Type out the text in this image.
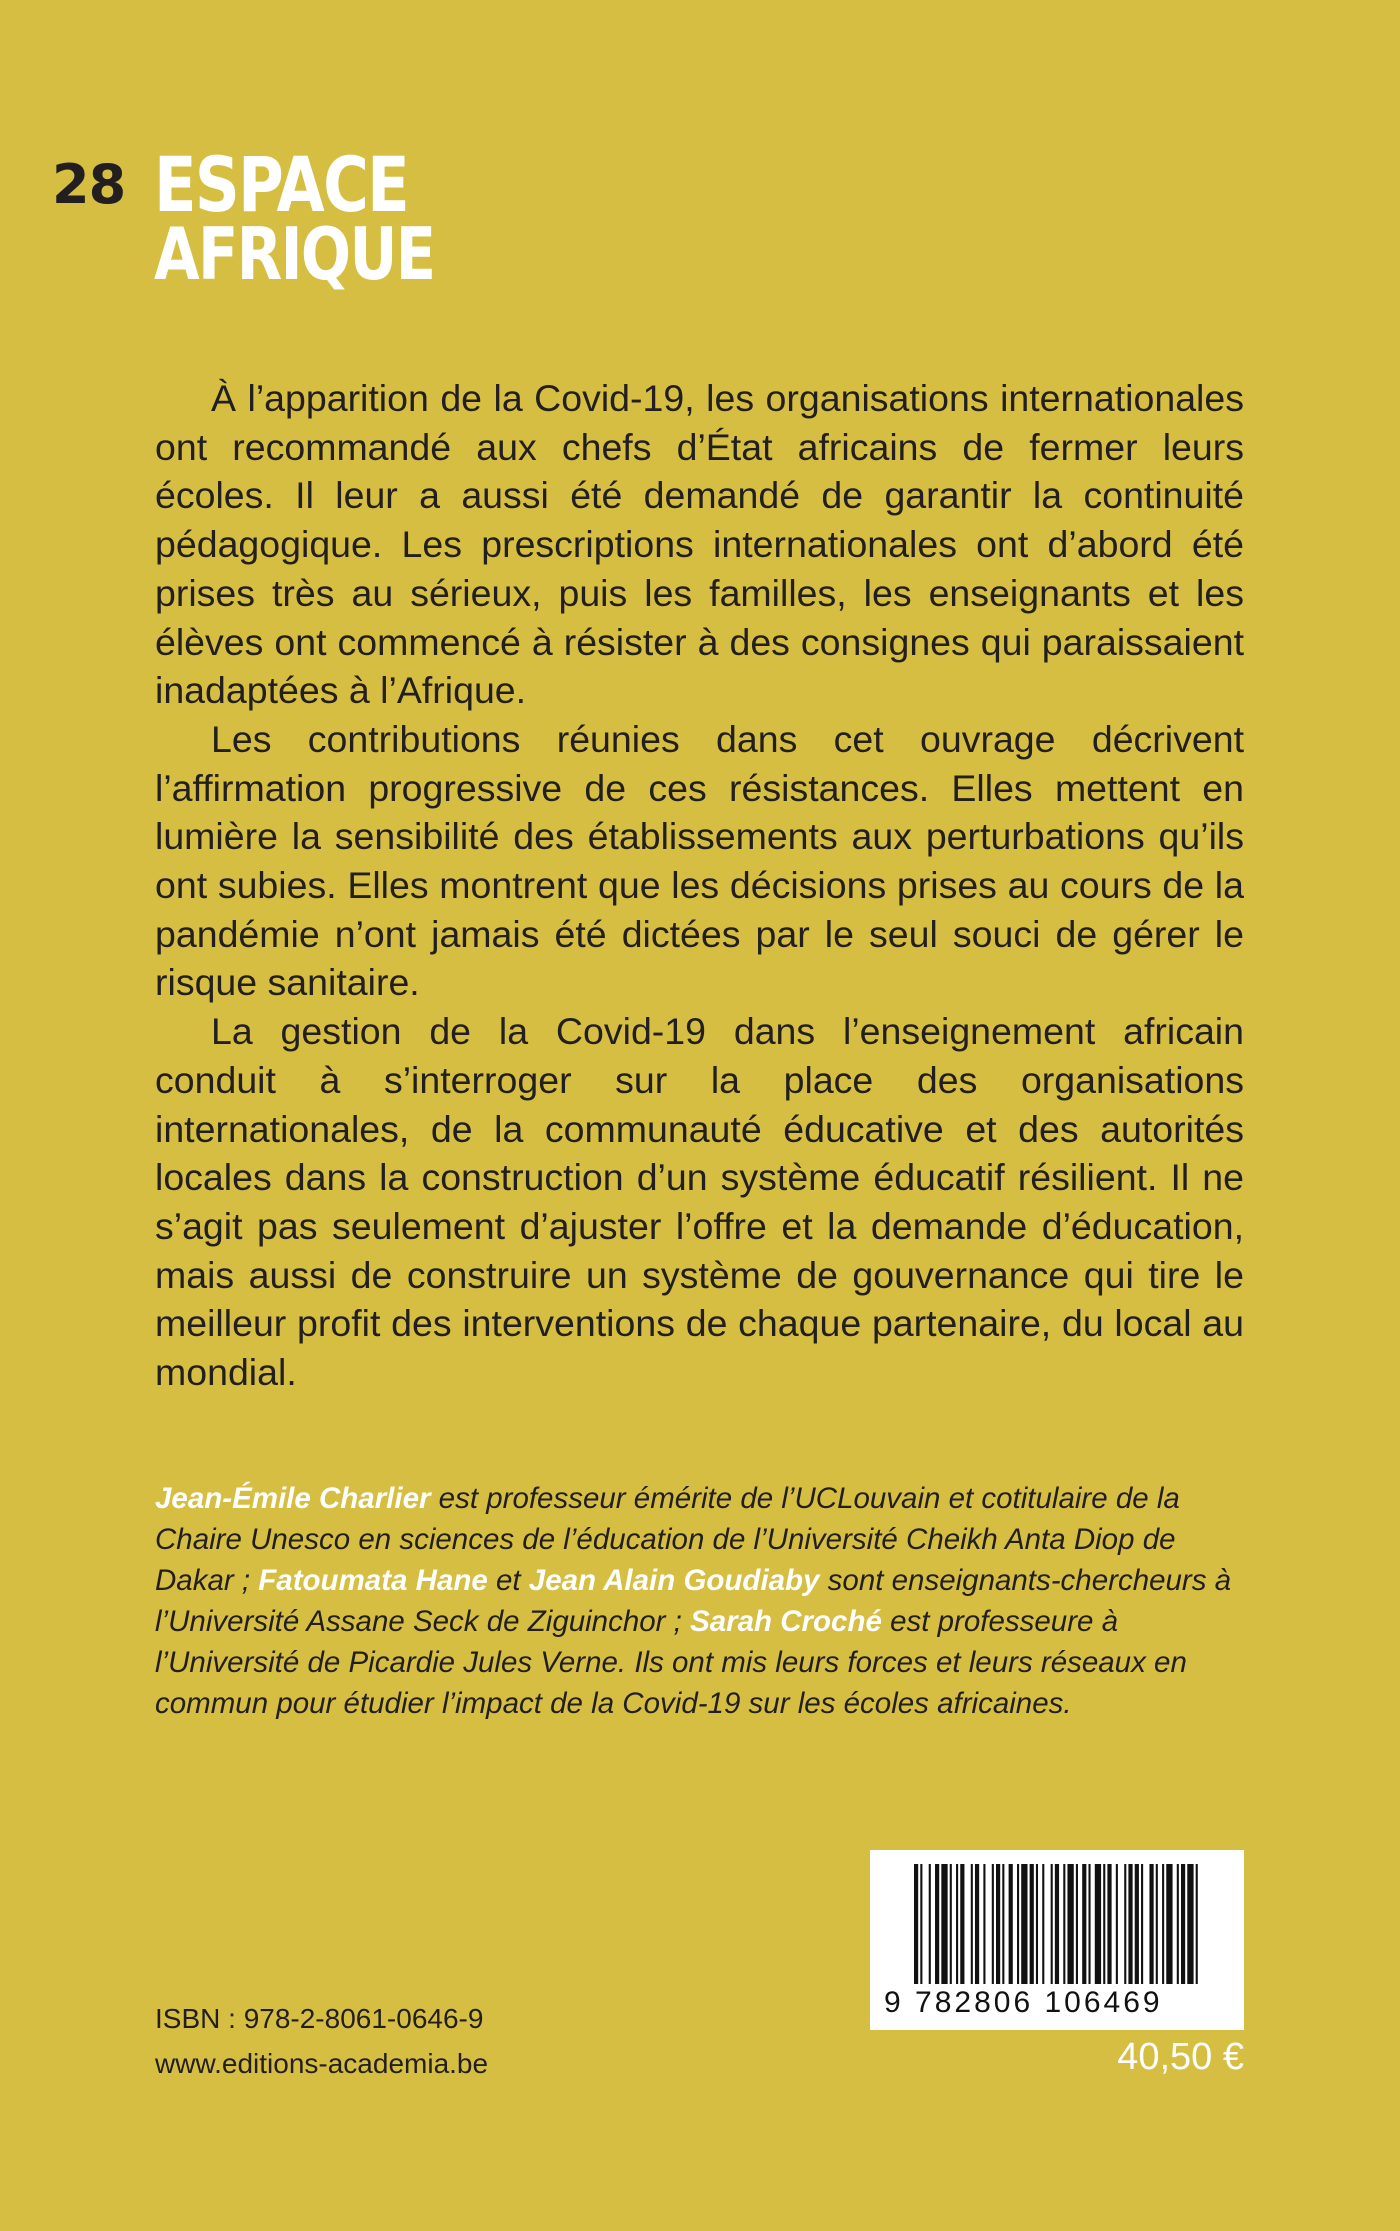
28 ESPACE
AFRIQUE

À l’apparition de la Covid-19, les organisations internationales ont recommandé aux chefs d’État africains de fermer leurs écoles. Il leur a aussi été demandé de garantir la continuité pédagogique. Les prescriptions internationales ont d’abord été prises très au sérieux, puis les familles, les enseignants et les élèves ont commencé à résister à des consignes qui paraissaient inadaptées à l’Afrique.

Les contributions réunies dans cet ouvrage décrivent l’affirmation progressive de ces résistances. Elles mettent en lumière la sensibilité des établissements aux perturbations qu’ils ont subies. Elles montrent que les décisions prises au cours de la pandémie n’ont jamais été dictées par le seul souci de gérer le risque sanitaire.

La gestion de la Covid-19 dans l’enseignement africain conduit à s’interroger sur la place des organisations internationales, de la communauté éducative et des autorités locales dans la construction d’un système éducatif résilient. Il ne s’agit pas seulement d’ajuster l’offre et la demande d’éducation, mais aussi de construire un système de gouvernance qui tire le meilleur profit des interventions de chaque partenaire, du local au mondial.

Jean-Émile Charlier est professeur émérite de l’UCLouvain et cotitulaire de la Chaire Unesco en sciences de l’éducation de l’Université Cheikh Anta Diop de Dakar ; Fatoumata Hane et Jean Alain Goudiaby sont enseignants-chercheurs à l’Université Assane Seck de Ziguinchor ; Sarah Croché est professeure à l’Université de Picardie Jules Verne. Ils ont mis leurs forces et leurs réseaux en commun pour étudier l’impact de la Covid-19 sur les écoles africaines.
ISBN : 978-2-8061-0646-9
www.editions-academia.be
9 782806 106469
40,50 €
